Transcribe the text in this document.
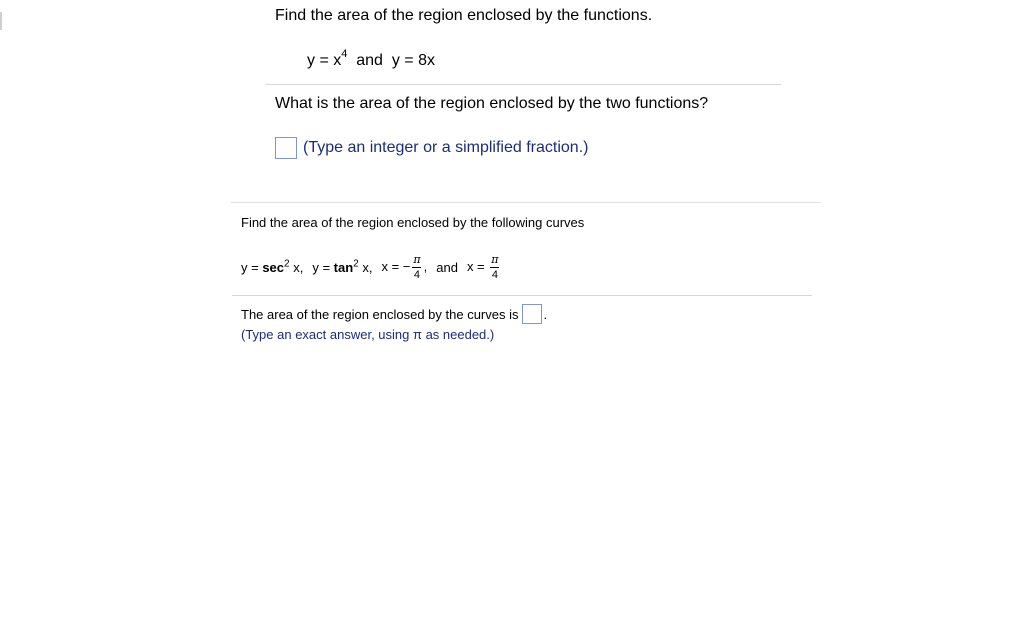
Find the area of the region enclosed by the functions.
$y = x^4$ and y = 8x
What is the area of the region enclosed by the two functions?
(Type an integer or a simplified fraction.)
Find the area of the region enclosed by the following curves
$y = \sec^2 x$, $y = \tan^2 x$, x = − $\frac{\pi}{4}$ , and $x = \frac{\pi}{4}$
The area of the region enclosed by the curves is .
(Type an exact answer, using π as needed.)
